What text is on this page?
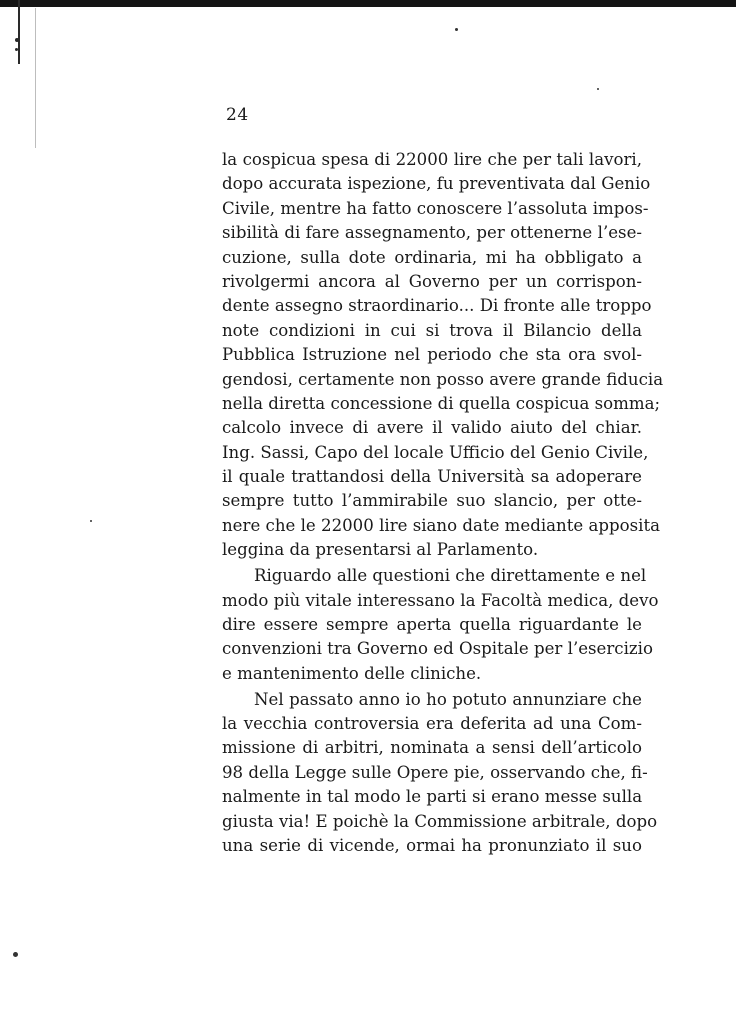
24
la cospicua spesa di 22000 lire che per tali lavori,
dopo accurata ispezione, fu preventivata dal Genio
Civile, mentre ha fatto conoscere l’assoluta impos-
sibilità di fare assegnamento, per ottenerne l’ese-
cuzione, sulla dote ordinaria, mi ha obbligato a
rivolgermi ancora al Governo per un corrispon-
dente assegno straordinario... Di fronte alle troppo
note condizioni in cui si trova il Bilancio della
Pubblica Istruzione nel periodo che sta ora svol-
gendosi, certamente non posso avere grande fiducia
nella diretta concessione di quella cospicua somma;
calcolo invece di avere il valido aiuto del chiar.
Ing. Sassi, Capo del locale Ufficio del Genio Civile,
il quale trattandosi della Università sa adoperare
sempre tutto l’ammirabile suo slancio, per otte-
nere che le 22000 lire siano date mediante apposita
leggina da presentarsi al Parlamento.
Riguardo alle questioni che direttamente e nel
modo più vitale interessano la Facoltà medica, devo
dire essere sempre aperta quella riguardante le
convenzioni tra Governo ed Ospitale per l’esercizio
e mantenimento delle cliniche.
Nel passato anno io ho potuto annunziare che
la vecchia controversia era deferita ad una Com-
missione di arbitri, nominata a sensi dell’articolo
98 della Legge sulle Opere pie, osservando che, fi-
nalmente in tal modo le parti si erano messe sulla
giusta via! E poichè la Commissione arbitrale, dopo
una serie di vicende, ormai ha pronunziato il suo
